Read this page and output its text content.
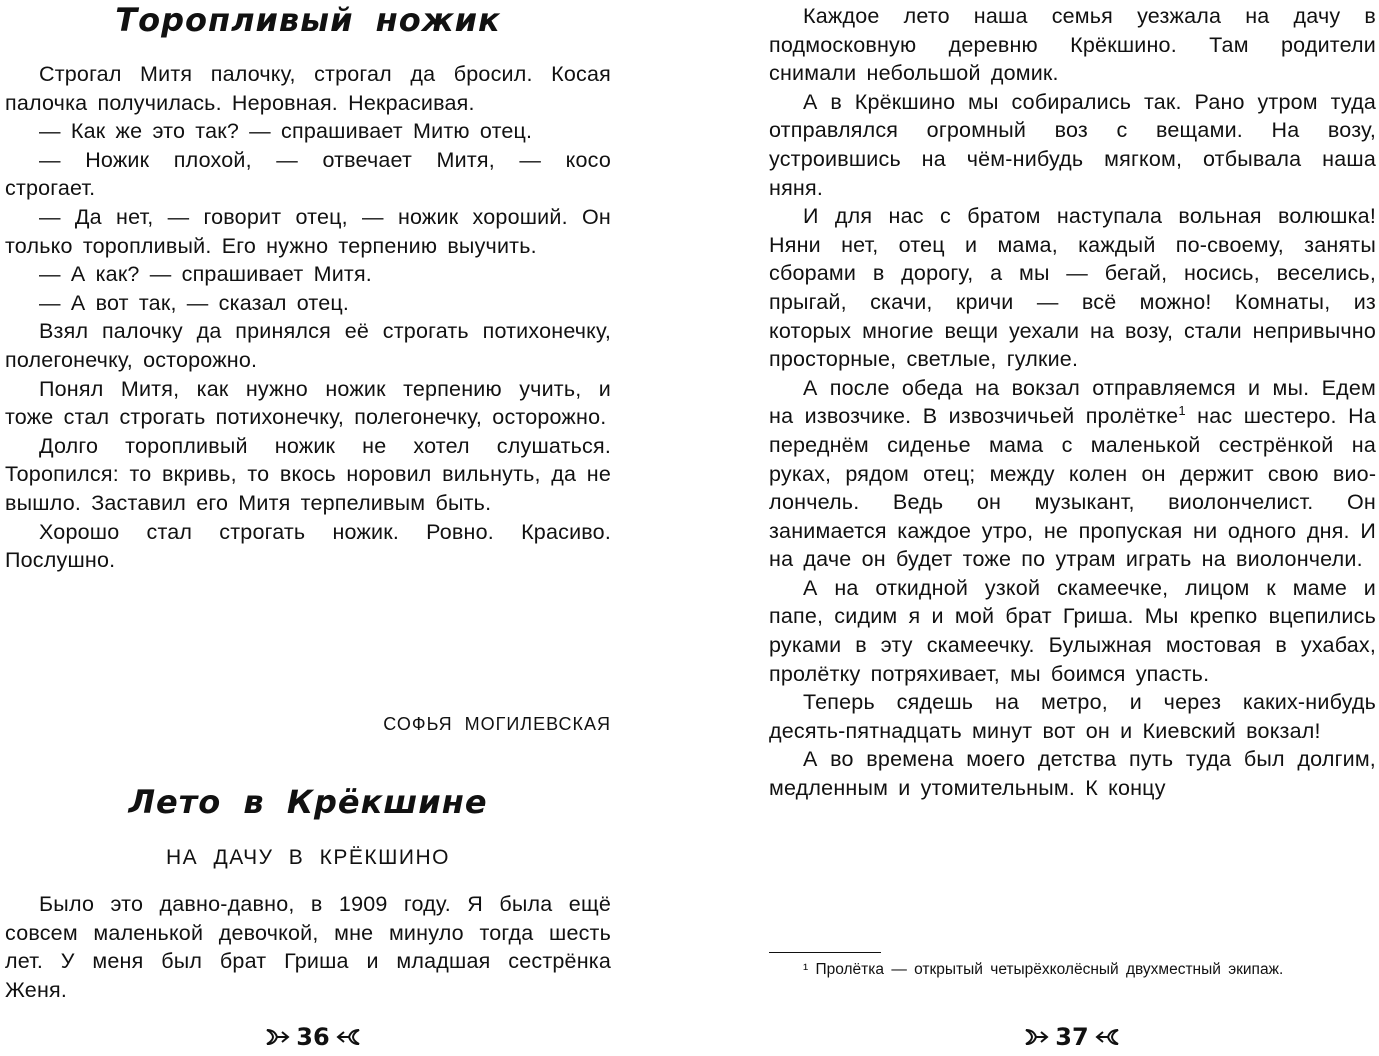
Торопливый ножик

Строгал Митя палочку, строгал да бросил. Косая палочка получилась. Неровная. Некрасивая.

— Как же это так? — спрашивает Митю отец.

— Ножик плохой, — отвечает Митя, — косо строгает.

— Да нет, — говорит отец, — ножик хороший. Он только торопливый. Его нужно терпению выучить.

— А как? — спрашивает Митя.

— А вот так, — сказал отец.

Взял палочку да принялся её строгать потихонечку, полегонечку, осторожно.

Понял Митя, как нужно ножик терпению учить, и тоже стал строгать потихонечку, полегонечку, осторожно.

Долго торопливый ножик не хотел слушаться. Торопился: то вкривь, то вкось норовил вильнуть, да не вышло. Заставил его Митя терпеливым быть.

Хорошо стал строгать ножик. Ровно. Красиво. Послушно.

СОФЬЯ МОГИЛЕВСКАЯ
Лето в Крёкшине
НА ДАЧУ В КРЁКШИНО

Было это давно-давно, в 1909 году. Я была ещё совсем маленькой девочкой, мне минуло тогда шесть лет. У меня был брат Гриша и младшая сестрёнка Женя.

36

Каждое лето наша семья уезжала на дачу в подмосковную деревню Крёкшино. Там родители снимали небольшой домик.

А в Крёкшино мы собирались так. Рано утром туда отправлялся огромный воз с вещами. На возу, устроившись на чём-нибудь мягком, отбывала наша няня.

И для нас с братом наступала вольная волюшка! Няни нет, отец и мама, каждый по-своему, заняты сборами в дорогу, а мы — бегай, носись, веселись, прыгай, скачи, кричи — всё можно! Комнаты, из которых многие вещи уехали на возу, стали непривычно просторные, светлые, гулкие.

А после обеда на вокзал отправляемся и мы. Едем на извозчике. В извозчичьей пролётке$^1$ нас шестеро. На переднём сиденье мама с маленькой сестрёнкой на руках, рядом отец; между колен он держит свою виолончель. Ведь он музыкант, виолончелист. Он занимается каждое утро, не пропуская ни одного дня. И на даче он будет тоже по утрам играть на виолончели.

А на откидной узкой скамеечке, лицом к маме и папе, сидим я и мой брат Гриша. Мы крепко вцепились руками в эту скамеечку. Булыжная мостовая в ухабах, пролётку потряхивает, мы боимся упасть.

Теперь сядешь на метро, и через каких-нибудь десять-пятнадцать минут вот он и Киевский вокзал!

А во времена моего детства путь туда был долгим, медленным и утомительным. К концу

¹ Пролётка — открытый четырёхколёсный двухместный экипаж.

37
